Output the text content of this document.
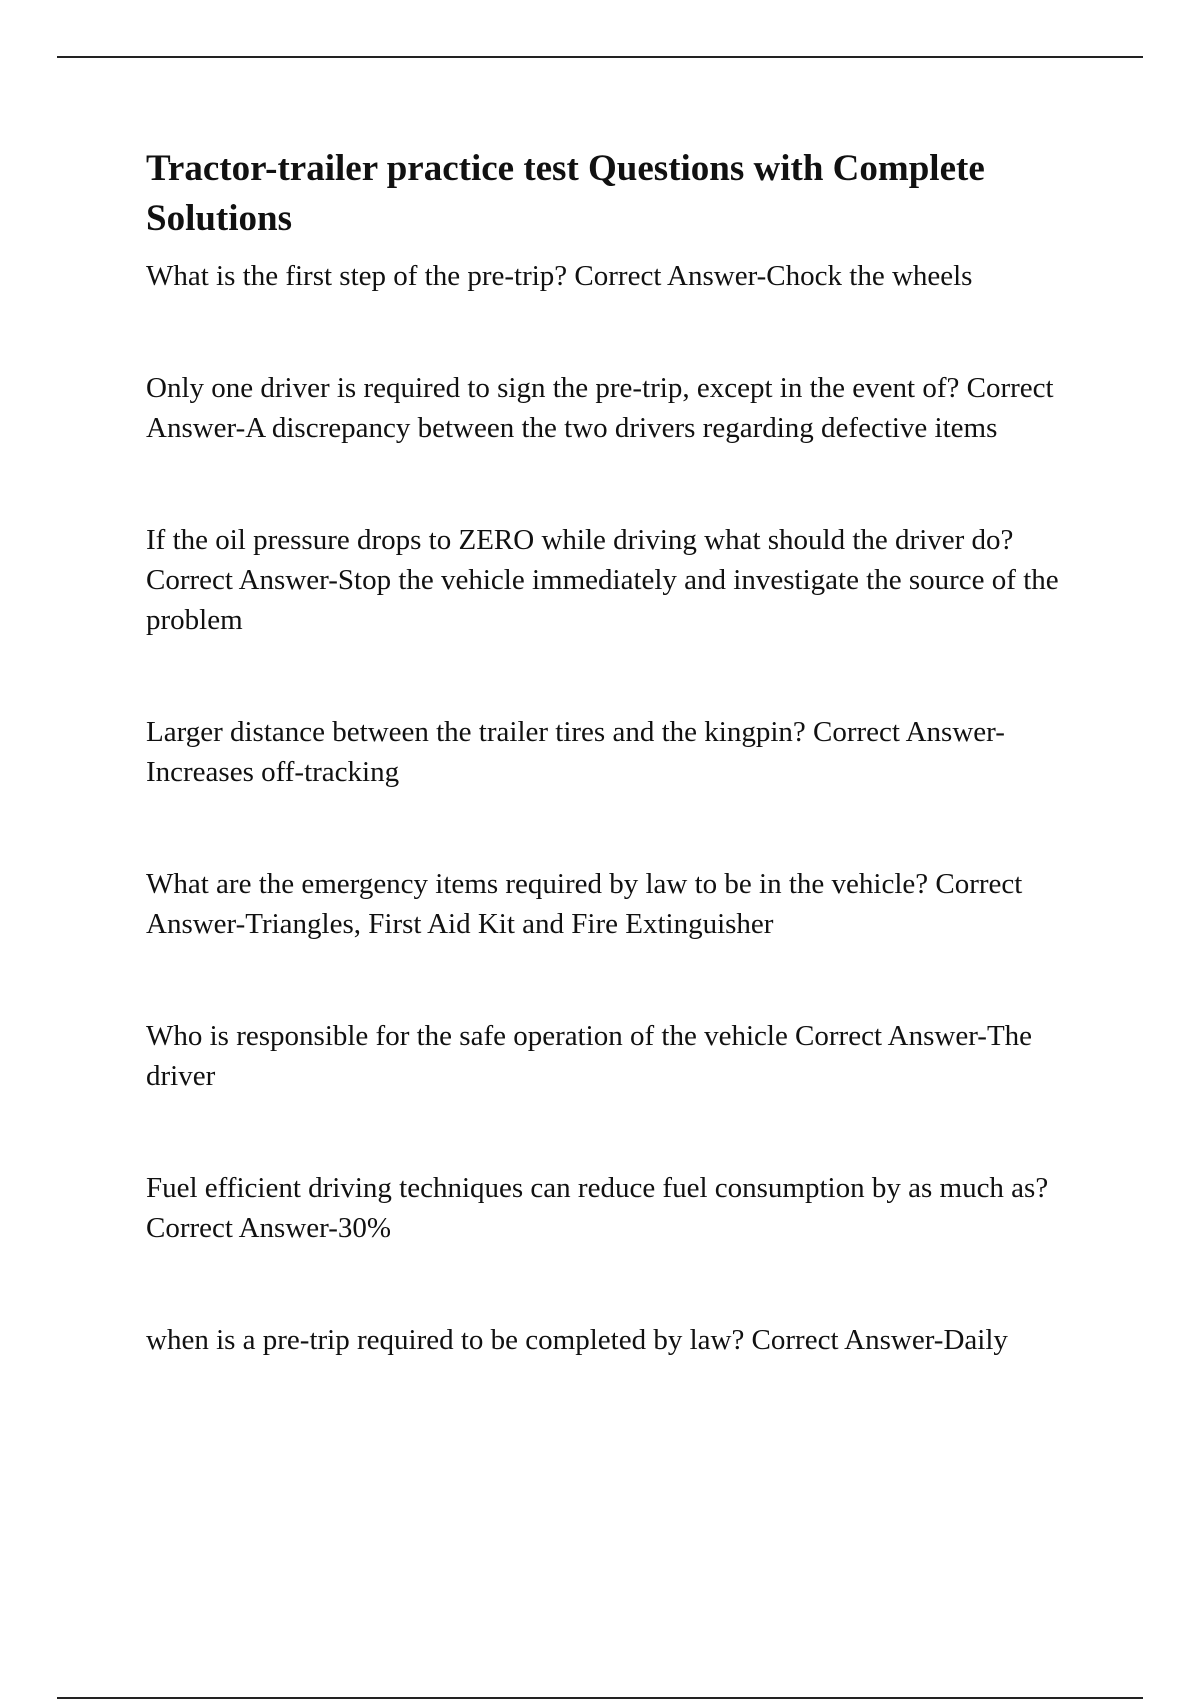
Tractor-trailer practice test Questions with Complete Solutions

What is the first step of the pre-trip? Correct Answer-Chock the wheels

Only one driver is required to sign the pre-trip, except in the event of? Correct Answer-A discrepancy between the two drivers regarding defective items

If the oil pressure drops to ZERO while driving what should the driver do? Correct Answer-Stop the vehicle immediately and investigate the source of the problem

Larger distance between the trailer tires and the kingpin? Correct Answer-Increases off-tracking

What are the emergency items required by law to be in the vehicle? Correct Answer-Triangles, First Aid Kit and Fire Extinguisher

Who is responsible for the safe operation of the vehicle Correct Answer-The driver

Fuel efficient driving techniques can reduce fuel consumption by as much as? Correct Answer-30%

when is a pre-trip required to be completed by law? Correct Answer-Daily
